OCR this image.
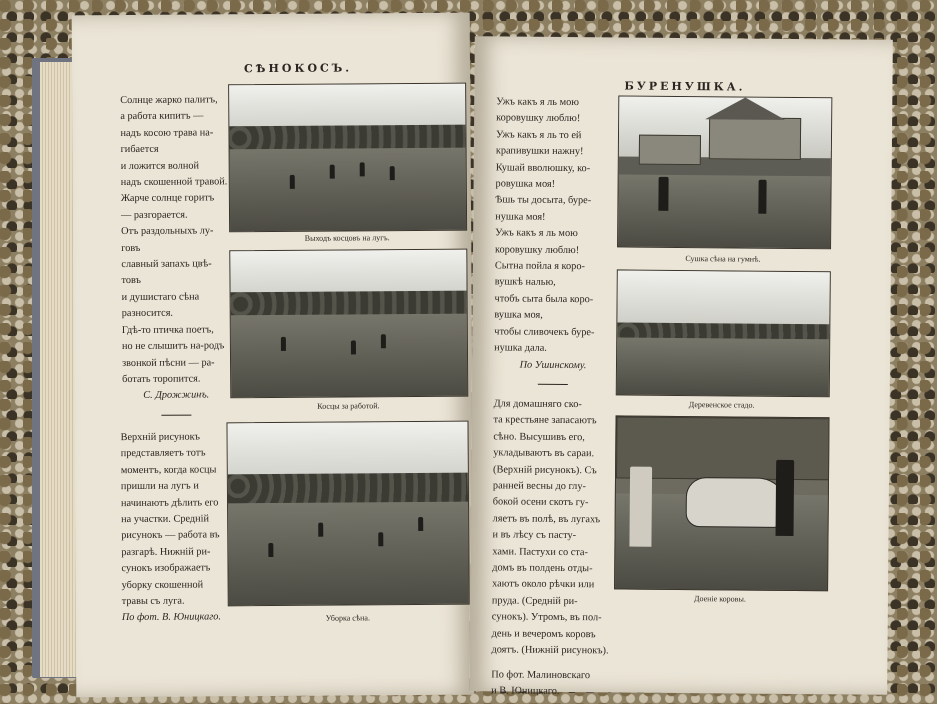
СѢНОКОСЪ.

Солнце жарко палитъ,

а работа кипитъ —

надъ косою трава на-

гибается

и ложится волной

надъ скошенной травой.

Жарче солнце горитъ

— разгорается.

Отъ раздольныхъ лу-

говъ

славный запахъ цвѣ-

товъ

и душистаго сѣна

разносится.

Гдѣ-то птичка поетъ,

но не слышитъ на-родъ

звонкой пѣсни — ра-

ботать торопится.

С. Дрожжинъ.

Выходъ косцовъ на лугъ.
Косцы за работой.
Уборка сѣна.

Верхній рисунокъ

представляетъ тотъ

моментъ, когда косцы

пришли на лугъ и

начинаютъ дѣлить его

на участки. Средній

рисунокъ — работа въ

разгарѣ. Нижній ри-

сунокъ изображаетъ

уборку скошенной

травы съ луга.

По фот. В. Юницкаго.

БУРЕНУШКА.

Ужъ какъ я ль мою

коровушку люблю!

Ужъ какъ я ль то ей

крапивушки нажну!

Кушай вволюшку, ко-

ровушка моя!

Ѣшь ты досыта, буре-

нушка моя!

Ужъ какъ я ль мою

коровушку люблю!

Сытна пойла я коро-

вушкѣ налью,

чтобъ сыта была коро-

вушка моя,

чтобы сливочекъ буре-

нушка дала.

По Ушинскому.

Сушка сѣна на гумнѣ.
Деревенское стадо.

Для домашняго ско-

та крестьяне запасаютъ

сѣно. Высушивъ его,

укладываютъ въ сараи.

(Верхній рисунокъ). Съ

ранней весны до глу-

бокой осени скотъ гу-

ляетъ въ полѣ, въ лугахъ

и въ лѣсу съ пасту-

хами. Пастухи со ста-

домъ въ полдень отды-

хаютъ около рѣчки или

пруда. (Средній ри-

сунокъ). Утромъ, въ пол-

день и вечеромъ коровъ

доятъ. (Нижній рисунокъ).

Доеніе коровы.

По фот. Малиновскаго

и В. Юницкаго.
